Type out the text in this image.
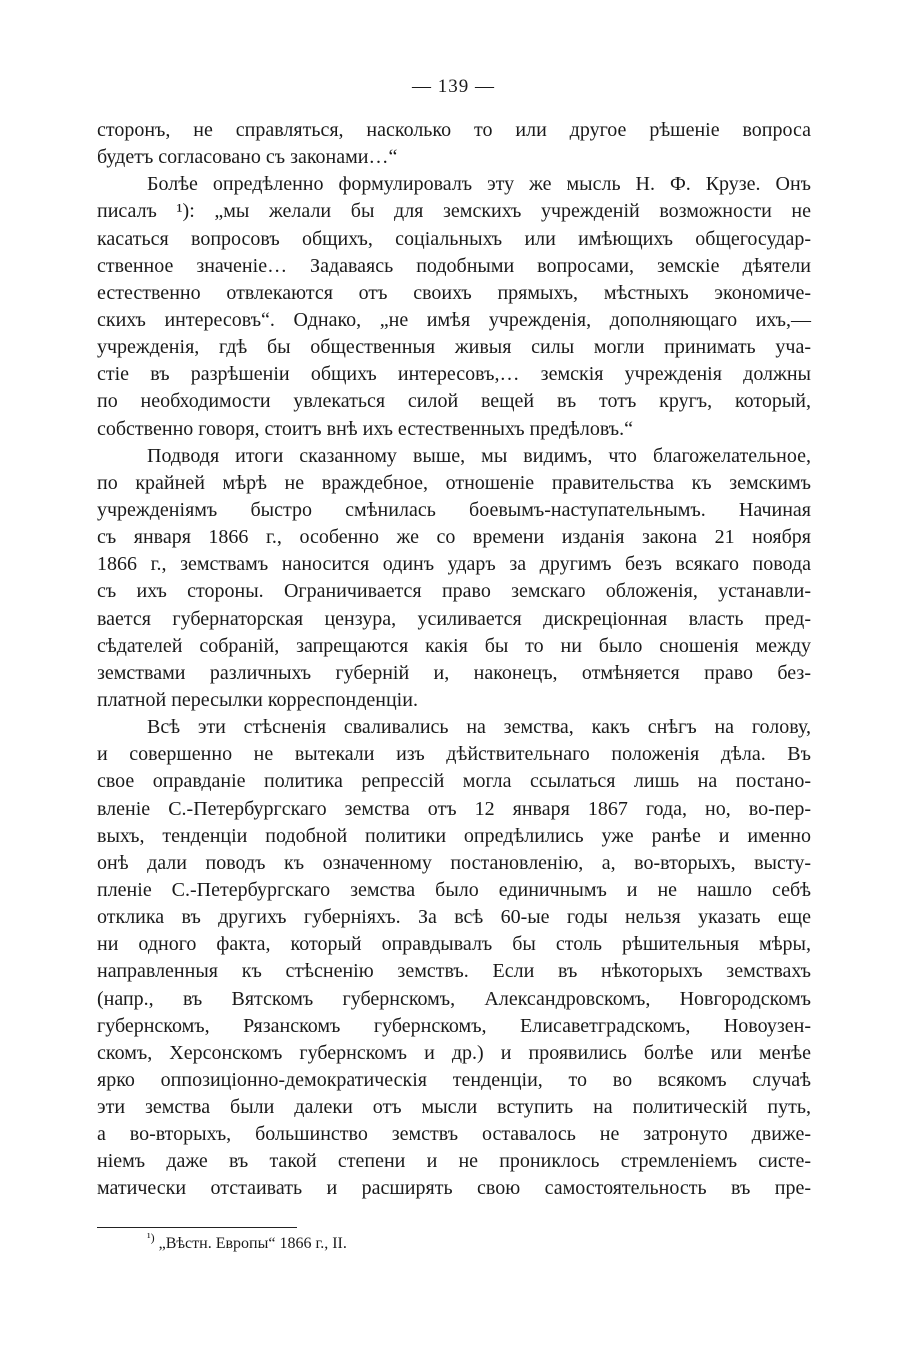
— 139 —
сторонъ, не справляться, насколько то или другое рѣшеніе вопроса
будетъ согласовано съ законами…“
Болѣе опредѣленно формулировалъ эту же мысль Н. Ф. Крузе. Онъ
писалъ ¹): „мы желали бы для земскихъ учрежденій возможности не
касаться вопросовъ общихъ, соціальныхъ или имѣющихъ общегосудар-
ственное значеніе… Задаваясь подобными вопросами, земскіе дѣятели
естественно отвлекаются отъ своихъ прямыхъ, мѣстныхъ экономиче-
скихъ интересовъ“. Однако, „не имѣя учрежденія, дополняющаго ихъ,—
учрежденія, гдѣ бы общественныя живыя силы могли принимать уча-
стіе въ разрѣшеніи общихъ интересовъ,… земскія учрежденія должны
по необходимости увлекаться силой вещей въ тотъ кругъ, который,
собственно говоря, стоитъ внѣ ихъ естественныхъ предѣловъ.“
Подводя итоги сказанному выше, мы видимъ, что благожелательное,
по крайней мѣрѣ не враждебное, отношеніе правительства къ земскимъ
учрежденіямъ быстро смѣнилась боевымъ-наступательнымъ. Начиная
съ января 1866 г., особенно же со времени изданія закона 21 ноября
1866 г., земствамъ наносится одинъ ударъ за другимъ безъ всякаго повода
съ ихъ стороны. Ограничивается право земскаго обложенія, устанавли-
вается губернаторская цензура, усиливается дискреціонная власть пред-
сѣдателей собраній, запрещаются какія бы то ни было сношенія между
земствами различныхъ губерній и, наконецъ, отмѣняется право без-
платной пересылки корреспонденціи.
Всѣ эти стѣсненія сваливались на земства, какъ снѣгъ на голову,
и совершенно не вытекали изъ дѣйствительнаго положенія дѣла. Въ
свое оправданіе политика репрессій могла ссылаться лишь на постано-
вленіе С.-Петербургскаго земства отъ 12 января 1867 года, но, во-пер-
выхъ, тенденціи подобной политики опредѣлились уже ранѣе и именно
онѣ дали поводъ къ означенному постановленію, а, во-вторыхъ, высту-
пленіе С.-Петербургскаго земства было единичнымъ и не нашло себѣ
отклика въ другихъ губерніяхъ. За всѣ 60-ые годы нельзя указать еще
ни одного факта, который оправдывалъ бы столь рѣшительныя мѣры,
направленныя къ стѣсненію земствъ. Если въ нѣкоторыхъ земствахъ
(напр., въ Вятскомъ губернскомъ, Александровскомъ, Новгородскомъ
губернскомъ, Рязанскомъ губернскомъ, Елисаветградскомъ, Новоузен-
скомъ, Херсонскомъ губернскомъ и др.) и проявились болѣе или менѣе
ярко оппозиціонно-демократическія тенденціи, то во всякомъ случаѣ
эти земства были далеки отъ мысли вступить на политическій путь,
а во-вторыхъ, большинство земствъ оставалось не затронуто движе-
ніемъ даже въ такой степени и не прониклось стремленіемъ систе-
матически отстаивать и расширять свою самостоятельность въ пре-
$^{^1)}$ „Вѣстн. Европы“ 1866 г., II.
